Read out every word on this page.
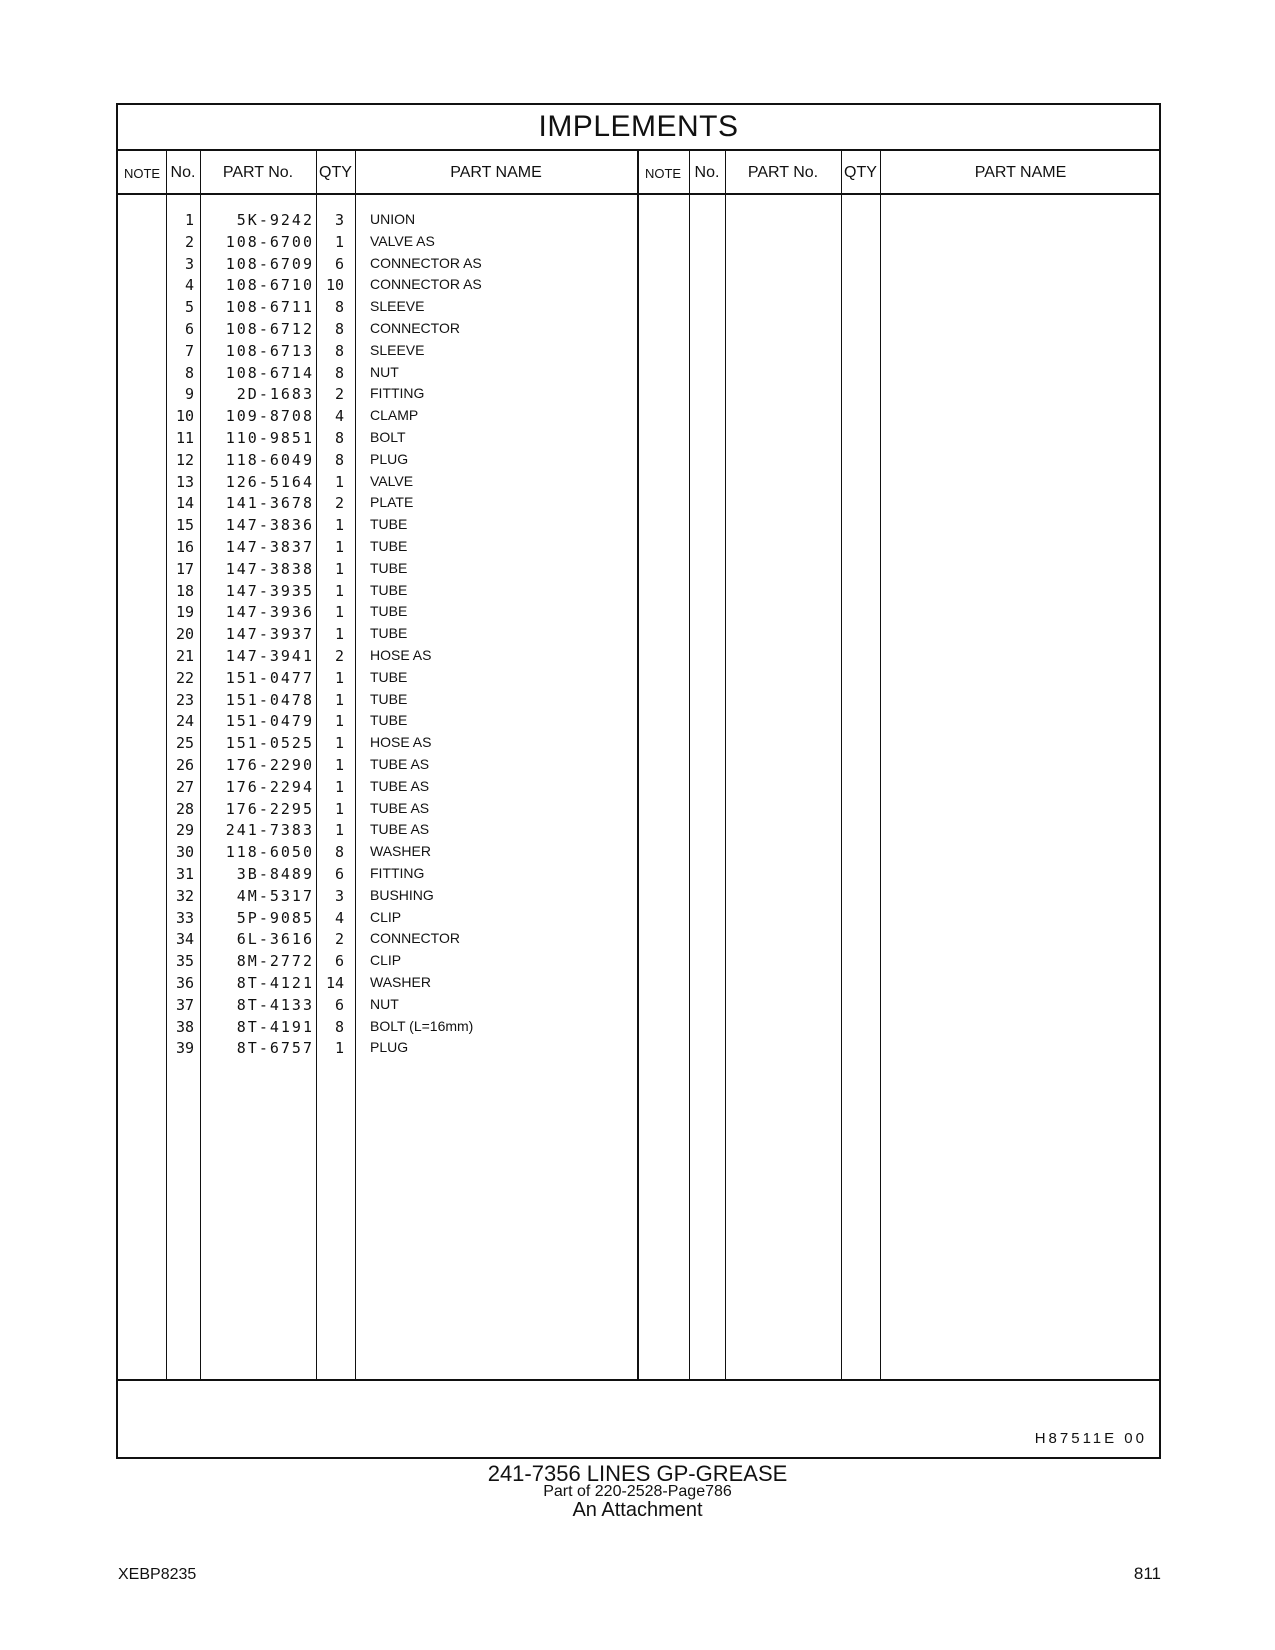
IMPLEMENTS
NOTE No.	PART No.	QTY	PART NAME	NOTE No.	PART No.	QTY	PART NAME
1	5K-9242	3 UNION
2	108-6700	1 VALVE AS
3	108-6709	6 CONNECTOR AS
4	108-6710 10 CONNECTOR AS
5	108-6711	8 SLEEVE
6	108-6712	8 CONNECTOR
7	108-6713	8 SLEEVE
8	108-6714	8 NUT
9	2D-1683	2 FITTING
10	109-8708	4 CLAMP
11	110-9851	8 BOLT
12	118-6049	8 PLUG
13	126-5164	1 VALVE
14	141-3678	2 PLATE
15	147-3836	1 TUBE
16	147-3837	1 TUBE
17	147-3838	1 TUBE
18	147-3935	1 TUBE
19	147-3936	1 TUBE
20	147-3937	1 TUBE
21	147-3941	2 HOSE AS
22	151-0477	1 TUBE
23	151-0478	1 TUBE
24	151-0479	1 TUBE
25	151-0525	1 HOSE AS
26	176-2290	1 TUBE AS
27	176-2294	1 TUBE AS
28	176-2295	1 TUBE AS
29	241-7383	1 TUBE AS
30	118-6050	8 WASHER
31	3B-8489	6 FITTING
32	4M-5317	3 BUSHING
33	5P-9085	4 CLIP
34	6L-3616	2 CONNECTOR
35	8M-2772	6 CLIP
36	8T-4121 14 WASHER
37	8T-4133	6 NUT
38	8T-4191	8 BOLT (L=16mm)
39	8T-6757	1 PLUG
H87511E 00
241-7356 LINES GP-GREASE
Part of 220-2528-Page786
An Attachment
XEBP8235	811
